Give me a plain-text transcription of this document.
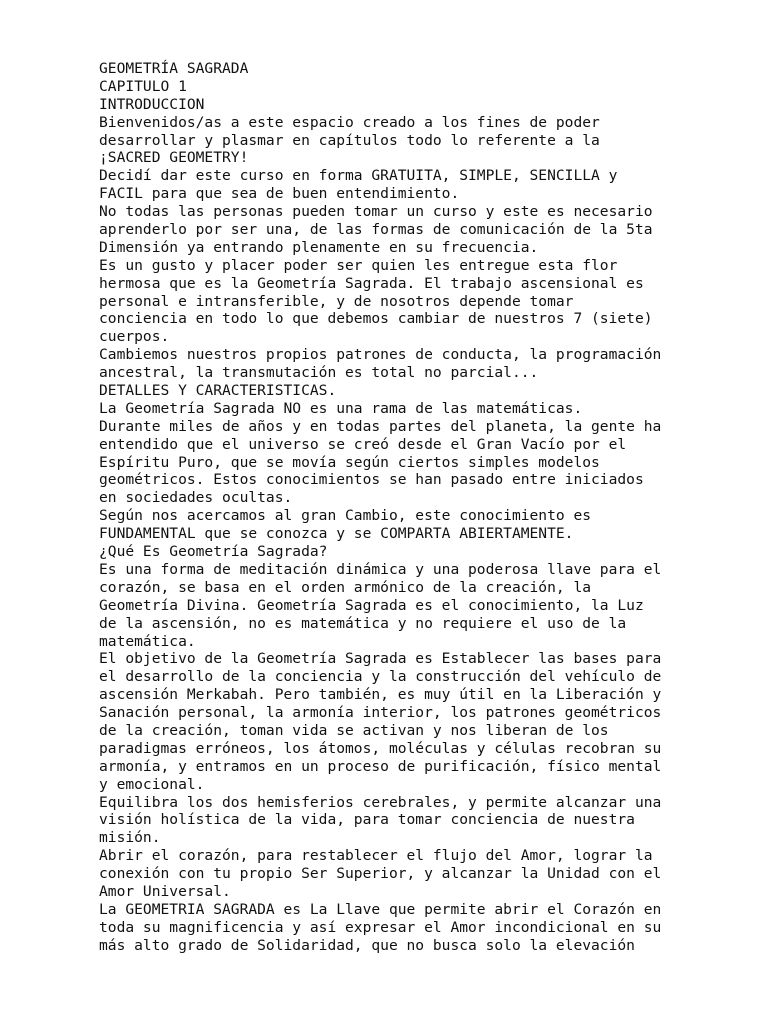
GEOMETRÍA SAGRADA
CAPITULO 1
INTRODUCCION
Bienvenidos/as a este espacio creado a los fines de poder
desarrollar y plasmar en capítulos todo lo referente a la
¡SACRED GEOMETRY!
Decidí dar este curso en forma GRATUITA, SIMPLE, SENCILLA y
FACIL para que sea de buen entendimiento.
No todas las personas pueden tomar un curso y este es necesario
aprenderlo por ser una, de las formas de comunicación de la 5ta
Dimensión ya entrando plenamente en su frecuencia.
Es un gusto y placer poder ser quien les entregue esta flor
hermosa que es la Geometría Sagrada. El trabajo ascensional es
personal e intransferible, y de nosotros depende tomar
conciencia en todo lo que debemos cambiar de nuestros 7 (siete)
cuerpos.
Cambiemos nuestros propios patrones de conducta, la programación
ancestral, la transmutación es total no parcial...
DETALLES Y CARACTERISTICAS.
La Geometría Sagrada NO es una rama de las matemáticas.
Durante miles de años y en todas partes del planeta, la gente ha
entendido que el universo se creó desde el Gran Vacío por el
Espíritu Puro, que se movía según ciertos simples modelos
geométricos. Estos conocimientos se han pasado entre iniciados
en sociedades ocultas.
Según nos acercamos al gran Cambio, este conocimiento es
FUNDAMENTAL que se conozca y se COMPARTA ABIERTAMENTE.
¿Qué Es Geometría Sagrada?
Es una forma de meditación dinámica y una poderosa llave para el
corazón, se basa en el orden armónico de la creación, la
Geometría Divina. Geometría Sagrada es el conocimiento, la Luz
de la ascensión, no es matemática y no requiere el uso de la
matemática.
El objetivo de la Geometría Sagrada es Establecer las bases para
el desarrollo de la conciencia y la construcción del vehículo de
ascensión Merkabah. Pero también, es muy útil en la Liberación y
Sanación personal, la armonía interior, los patrones geométricos
de la creación, toman vida se activan y nos liberan de los
paradigmas erróneos, los átomos, moléculas y células recobran su
armonía, y entramos en un proceso de purificación, físico mental
y emocional.
Equilibra los dos hemisferios cerebrales, y permite alcanzar una
visión holística de la vida, para tomar conciencia de nuestra
misión.
Abrir el corazón, para restablecer el flujo del Amor, lograr la
conexión con tu propio Ser Superior, y alcanzar la Unidad con el
Amor Universal.
La GEOMETRIA SAGRADA es La Llave que permite abrir el Corazón en
toda su magnificencia y así expresar el Amor incondicional en su
más alto grado de Solidaridad, que no busca solo la elevación
